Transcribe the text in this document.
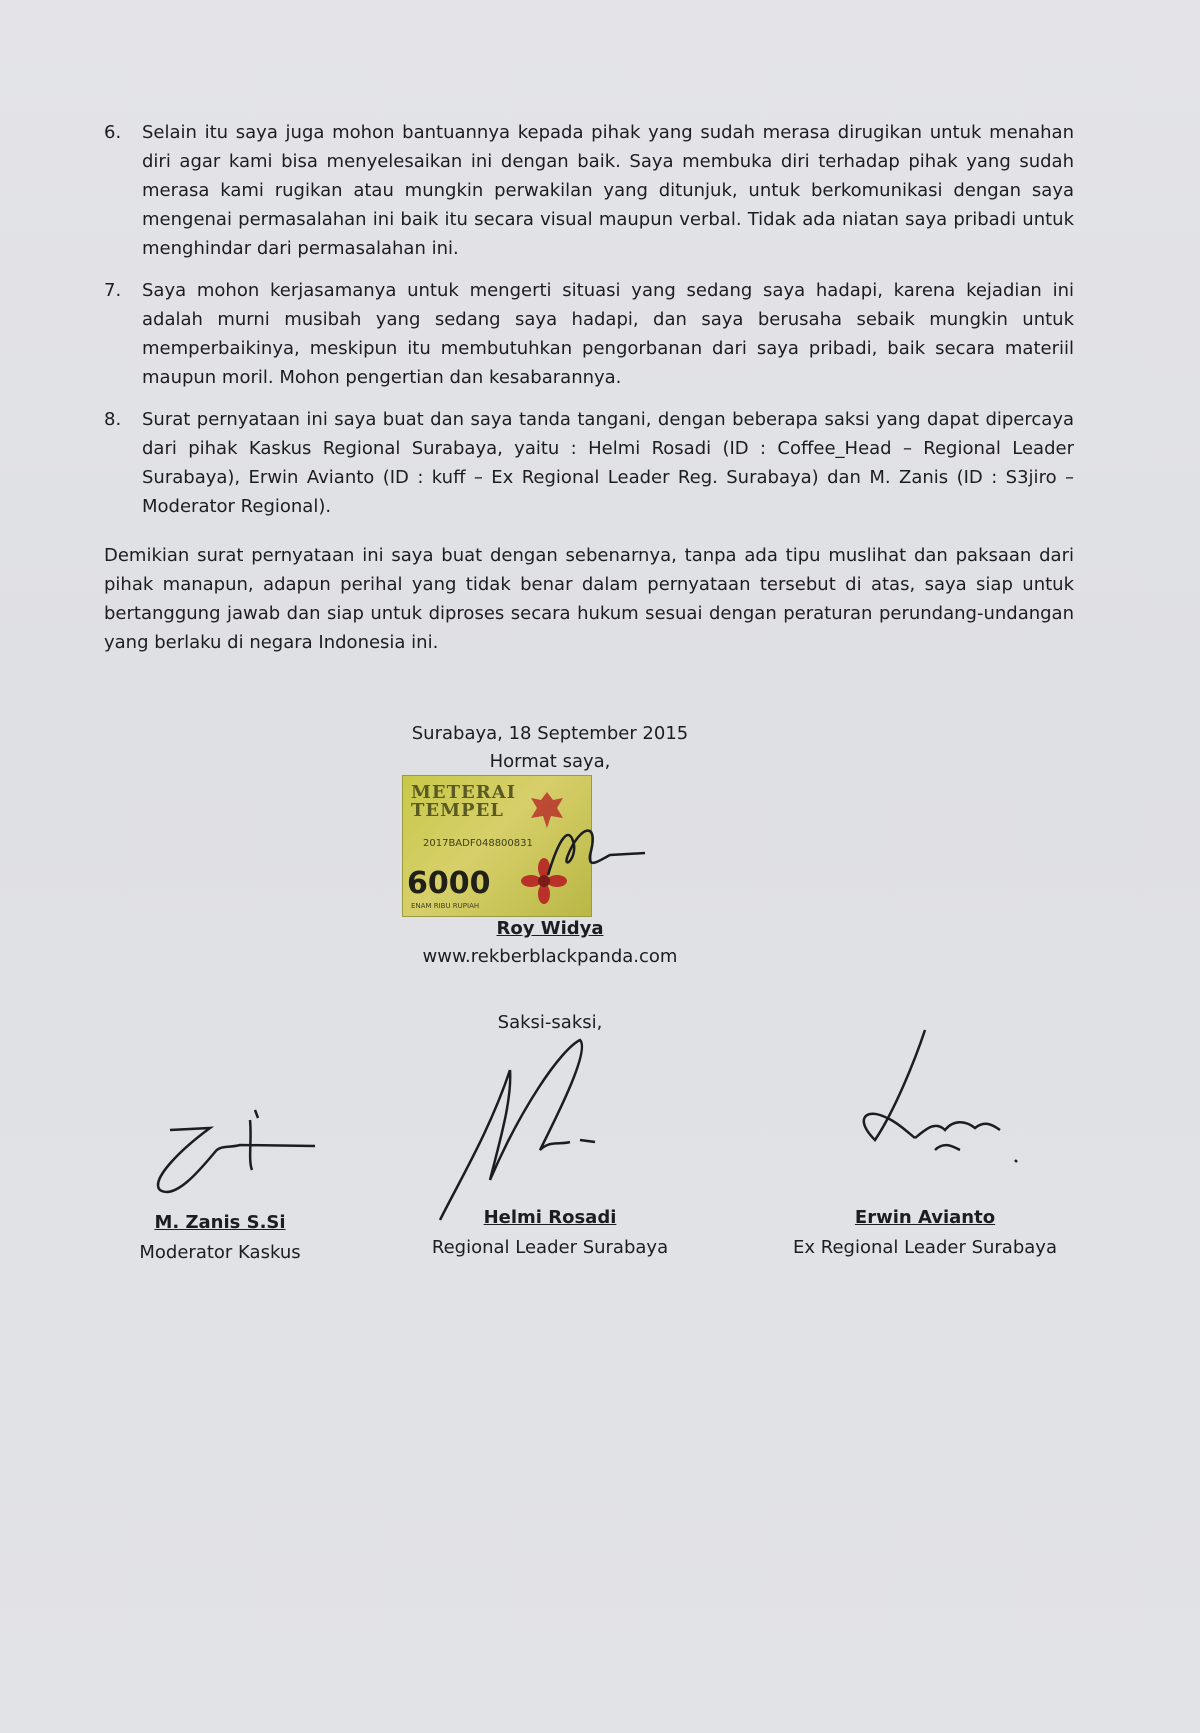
6.	Selain itu saya juga mohon bantuannya kepada pihak yang sudah merasa dirugikan untuk menahan diri agar kami bisa menyelesaikan ini dengan baik. Saya membuka diri terhadap pihak yang sudah merasa kami rugikan atau mungkin perwakilan yang ditunjuk, untuk berkomunikasi dengan saya mengenai permasalahan ini baik itu secara visual maupun verbal. Tidak ada niatan saya pribadi untuk menghindar dari permasalahan ini.
7.	Saya mohon kerjasamanya untuk mengerti situasi yang sedang saya hadapi, karena kejadian ini adalah murni musibah yang sedang saya hadapi, dan saya berusaha sebaik mungkin untuk memperbaikinya, meskipun itu membutuhkan pengorbanan dari saya pribadi, baik secara materiil maupun moril. Mohon pengertian dan kesabarannya.
8.	Surat pernyataan ini saya buat dan saya tanda tangani, dengan beberapa saksi yang dapat dipercaya dari pihak Kaskus Regional Surabaya, yaitu : Helmi Rosadi (ID : Coffee_Head – Regional Leader Surabaya), Erwin Avianto (ID : kuff – Ex Regional Leader Reg. Surabaya) dan M. Zanis (ID : S3jiro – Moderator Regional).
Demikian surat pernyataan ini saya buat dengan sebenarnya, tanpa ada tipu muslihat dan paksaan dari pihak manapun, adapun perihal yang tidak benar dalam pernyataan tersebut di atas, saya siap untuk bertanggung jawab dan siap untuk diproses secara hukum sesuai dengan peraturan perundang-undangan yang berlaku di negara Indonesia ini.
Surabaya, 18 September 2015
Hormat saya,
METERAI
TEMPEL
2017BADF048800831
6000
ENAM RIBU RUPIAH
Roy Widya
www.rekberblackpanda.com
Saksi-saksi,
M. Zanis S.Si
Moderator Kaskus
Helmi Rosadi
Regional Leader Surabaya
Erwin Avianto
Ex Regional Leader Surabaya
